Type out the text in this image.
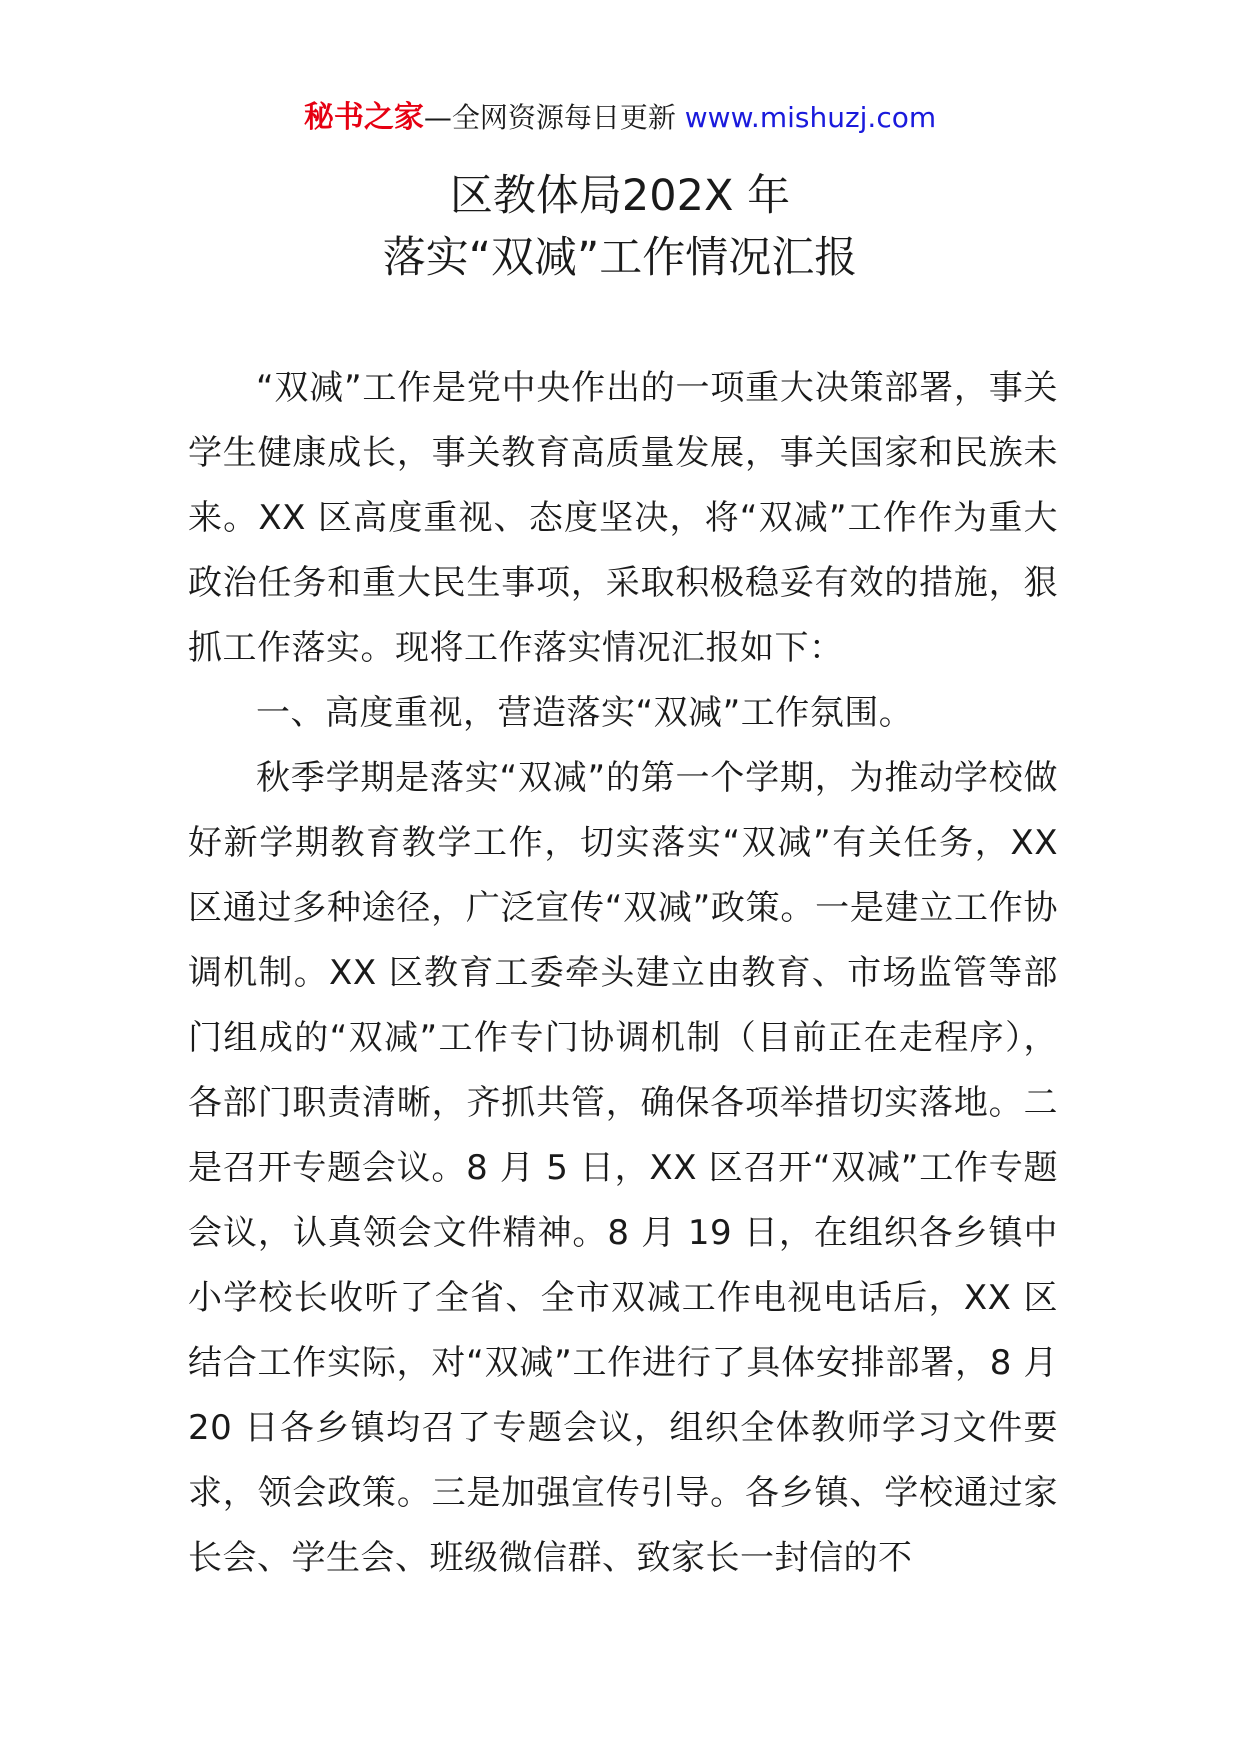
秘书之家—全网资源每日更新 www.mishuzj.com
区教体局202X 年
落实“双减”工作情况汇报

“双减”工作是党中央作出的一项重大决策部署，事关学生健康成长，事关教育高质量发展，事关国家和民族未来。XX 区高度重视、态度坚决，将“双减”工作作为重大政治任务和重大民生事项，采取积极稳妥有效的措施，狠抓工作落实。现将工作落实情况汇报如下：

一、高度重视，营造落实“双减”工作氛围。

秋季学期是落实“双减”的第一个学期，为推动学校做好新学期教育教学工作，切实落实“双减”有关任务，XX 区通过多种途径，广泛宣传“双减”政策。一是建立工作协调机制。XX 区教育工委牵头建立由教育、市场监管等部门组成的“双减”工作专门协调机制（目前正在走程序），各部门职责清晰，齐抓共管，确保各项举措切实落地。二是召开专题会议。8 月 5 日，XX 区召开“双减”工作专题会议，认真领会文件精神。8 月 19 日，在组织各乡镇中小学校长收听了全省、全市双减工作电视电话后，XX 区结合工作实际，对“双减”工作进行了具体安排部署，8 月 20 日各乡镇均召了专题会议，组织全体教师学习文件要求，领会政策。三是加强宣传引导。各乡镇、学校通过家长会、学生会、班级微信群、致家长一封信的不
